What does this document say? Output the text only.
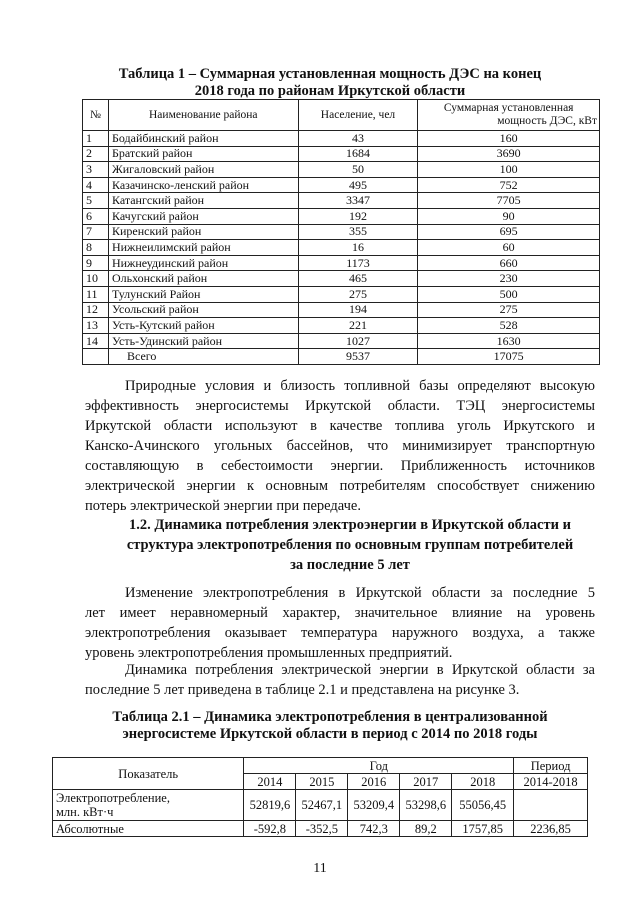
Таблица 1 – Суммарная установленная мощность ДЭС на конец
2018 года по районам Иркутской области
№	Наименование района	Население, чел	Суммарная установленная
мощность ДЭС, кВт

1	Бодайбинский район	43	160
2	Братский район	1684	3690
3	Жигаловский район	50	100
4	Казачинско-ленский район	495	752
5	Катангский район	3347	7705
6	Качугский район	192	90
7	Киренский район	355	695
8	Нижнеилимский район	16	60
9	Нижнеудинский район	1173	660
10	Ольхонский район	465	230
11	Тулунский Район	275	500
12	Усольский район	194	275
13	Усть-Кутский район	221	528
14	Усть-Удинский район	1027	1630
	Всего	9537	17075
Природные условия и близость топливной базы определяют высокую
эффективность энергосистемы Иркутской области. ТЭЦ энергосистемы
Иркутской области используют в качестве топлива уголь Иркутского и
Канско-Ачинского угольных бассейнов, что минимизирует транспортную
составляющую в себестоимости энергии. Приближенность источников
электрической энергии к основным потребителям способствует снижению
потерь электрической энергии при передаче.
1.2. Динамика потребления электроэнергии в Иркутской области и
структура электропотребления по основным группам потребителей
за последние 5 лет
Изменение электропотребления в Иркутской области за последние 5
лет имеет неравномерный характер, значительное влияние на уровень
электропотребления оказывает температура наружного воздуха, а также
уровень электропотребления промышленных предприятий.
Динамика потребления электрической энергии в Иркутской области за
последние 5 лет приведена в таблице 2.1 и представлена на рисунке 3.
Таблица 2.1 – Динамика электропотребления в централизованной
энергосистеме Иркутской области в период с 2014 по 2018 годы
Показатель	Год					Период
	2014	2015	2016	2017	2018	2014-2018

Электропотребление,
млн. кВт·ч	52819,6	52467,1	53209,4	53298,6	55056,45	
Абсолютные	-592,8	-352,5	742,3	89,2	1757,85	2236,85
11
